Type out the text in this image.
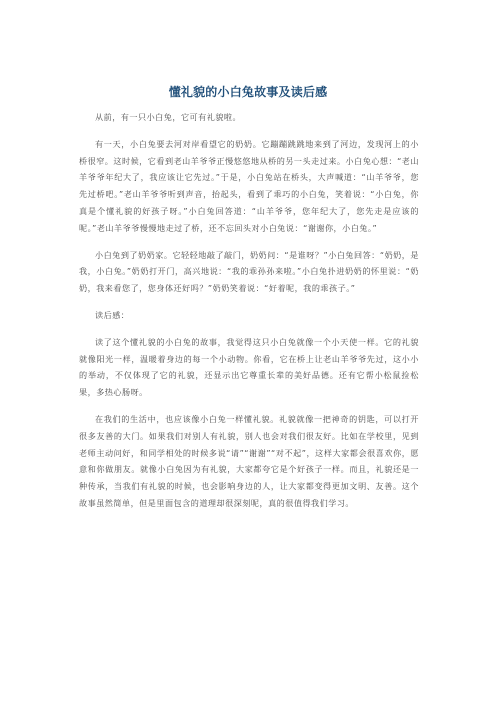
懂礼貌的小白兔故事及读后感

从前，有一只小白兔，它可有礼貌啦。

有一天，小白兔要去河对岸看望它的奶奶。它蹦蹦跳跳地来到了河边，发现河上的小桥很窄。这时候，它看到老山羊爷爷正慢悠悠地从桥的另一头走过来。小白兔心想：“老山羊爷爷年纪大了，我应该让它先过。”于是，小白兔站在桥头，大声喊道：“山羊爷爷，您先过桥吧。”老山羊爷爷听到声音，抬起头，看到了乖巧的小白兔，笑着说：“小白兔，你真是个懂礼貌的好孩子呀。”小白兔回答道：“山羊爷爷，您年纪大了，您先走是应该的呢。”老山羊爷爷慢慢地走过了桥，还不忘回头对小白兔说：“谢谢你，小白兔。”

小白兔到了奶奶家。它轻轻地敲了敲门，奶奶问：“是谁呀？”小白兔回答：“奶奶，是我，小白兔。”奶奶打开门，高兴地说：“我的乖孙孙来啦。”小白兔扑进奶奶的怀里说：“奶奶，我来看您了，您身体还好吗？”奶奶笑着说：“好着呢，我的乖孩子。”

读后感：

读了这个懂礼貌的小白兔的故事，我觉得这只小白兔就像一个小天使一样。它的礼貌就像阳光一样，温暖着身边的每一个小动物。你看，它在桥上让老山羊爷爷先过，这小小的举动，不仅体现了它的礼貌，还显示出它尊重长辈的美好品德。还有它帮小松鼠捡松果，多热心肠呀。

在我们的生活中，也应该像小白兔一样懂礼貌。礼貌就像一把神奇的钥匙，可以打开很多友善的大门。如果我们对别人有礼貌，别人也会对我们很友好。比如在学校里，见到老师主动问好，和同学相处的时候多说“请”“谢谢”“对不起”，这样大家都会很喜欢你，愿意和你做朋友。就像小白兔因为有礼貌，大家都夸它是个好孩子一样。而且，礼貌还是一种传承，当我们有礼貌的时候，也会影响身边的人，让大家都变得更加文明、友善。这个故事虽然简单，但是里面包含的道理却很深刻呢，真的很值得我们学习。
